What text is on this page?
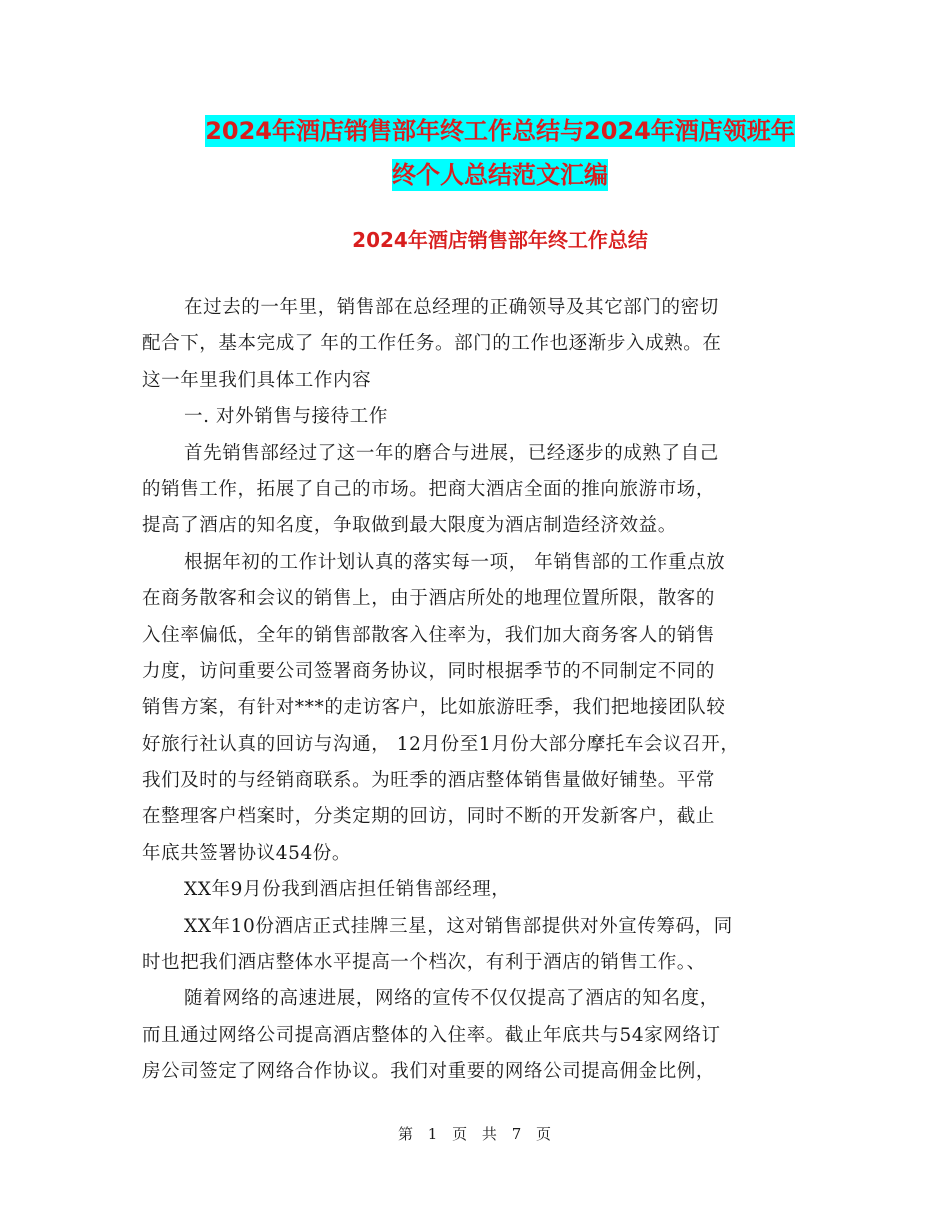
2024年酒店销售部年终工作总结与2024年酒店领班年
终个人总结范文汇编
2024年酒店销售部年终工作总结
在过去的一年里，销售部在总经理的正确领导及其它部门的密切
配合下，基本完成了 年的工作任务。部门的工作也逐渐步入成熟。在
这一年里我们具体工作内容
一. 对外销售与接待工作
首先销售部经过了这一年的磨合与进展，已经逐步的成熟了自己
的销售工作，拓展了自己的市场。把商大酒店全面的推向旅游市场，
提高了酒店的知名度，争取做到最大限度为酒店制造经济效益。
根据年初的工作计划认真的落实每一项， 年销售部的工作重点放
在商务散客和会议的销售上，由于酒店所处的地理位置所限，散客的
入住率偏低，全年的销售部散客入住率为，我们加大商务客人的销售
力度，访问重要公司签署商务协议，同时根据季节的不同制定不同的
销售方案，有针对***的走访客户，比如旅游旺季，我们把地接团队较
好旅行社认真的回访与沟通， 12月份至1月份大部分摩托车会议召开，
我们及时的与经销商联系。为旺季的酒店整体销售量做好铺垫。平常
在整理客户档案时，分类定期的回访，同时不断的开发新客户，截止
年底共签署协议454份。
XX年9月份我到酒店担任销售部经理，
XX年10份酒店正式挂牌三星，这对销售部提供对外宣传筹码，同
时也把我们酒店整体水平提高一个档次，有利于酒店的销售工作。、
随着网络的高速进展，网络的宣传不仅仅提高了酒店的知名度，
而且通过网络公司提高酒店整体的入住率。截止年底共与54家网络订
房公司签定了网络合作协议。我们对重要的网络公司提高佣金比例，
第 1 页 共 7 页
